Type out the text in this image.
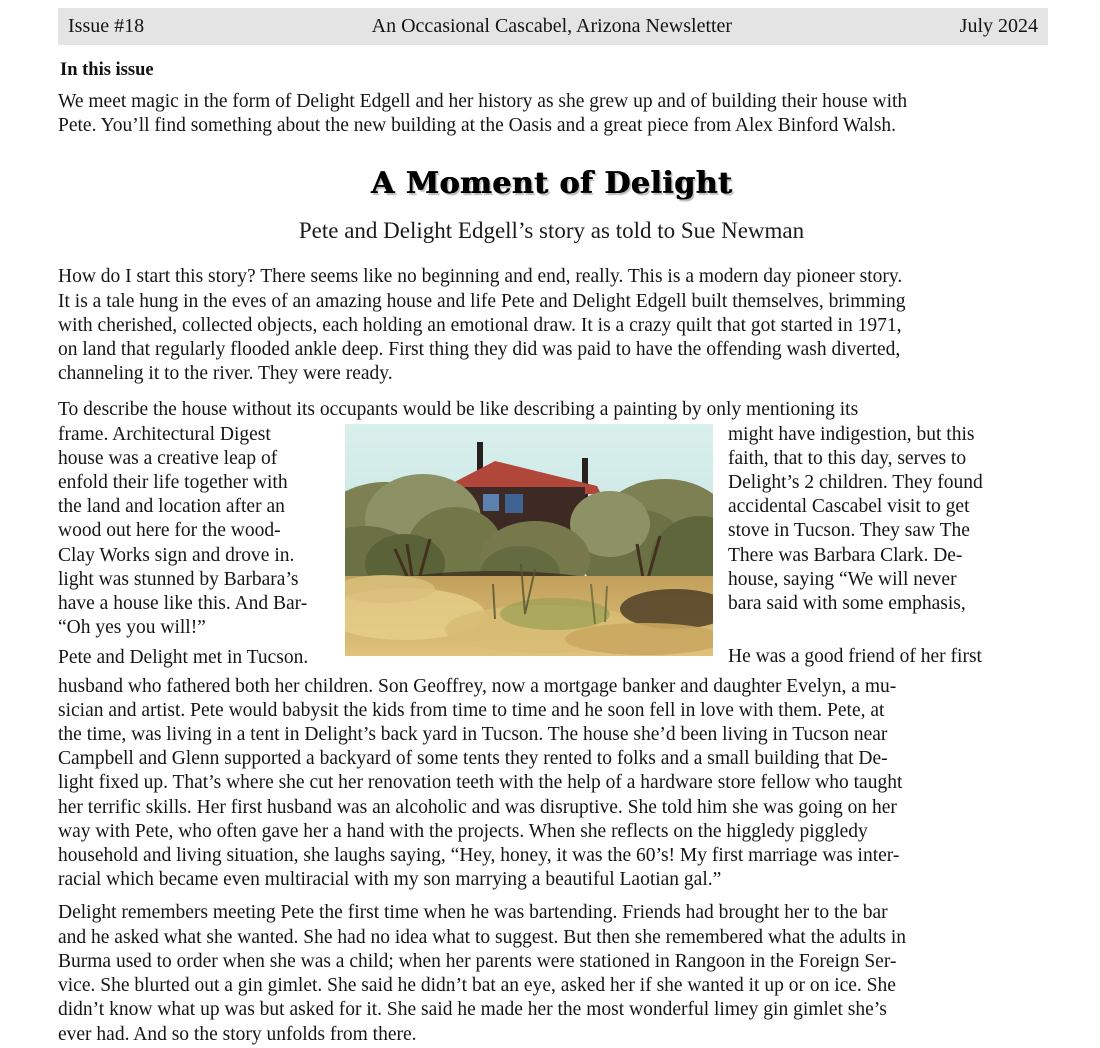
Issue #18	An Occasional Cascabel, Arizona Newsletter	July 2024
In this issue
We meet magic in the form of Delight Edgell and her history as she grew up and of building their house with
Pete. You’ll find something about the new building at the Oasis and a great piece from Alex Binford Walsh.
A Moment of Delight
Pete and Delight Edgell’s story as told to Sue Newman
How do I start this story? There seems like no beginning and end, really. This is a modern day pioneer story.
It is a tale hung in the eves of an amazing house and life Pete and Delight Edgell built themselves, brimming
with cherished, collected objects, each holding an emotional draw. It is a crazy quilt that got started in 1971,
on land that regularly flooded ankle deep. First thing they did was paid to have the offending wash diverted,
channeling it to the river. They were ready.
To describe the house without its occupants would be like describing a painting by only mentioning its
frame. Architectural Digest
house was a creative leap of
enfold their life together with
the land and location after an
wood out here for the wood-
Clay Works sign and drove in.
light was stunned by Barbara’s
have a house like this. And Bar-
“Oh yes you will!”
Pete and Delight met in Tucson.
might have indigestion, but this
faith, that to this day, serves to
Delight’s 2 children. They found
accidental Cascabel visit to get
stove in Tucson. They saw The
There was Barbara Clark. De-
house, saying “We will never
bara said with some emphasis,
He was a good friend of her first
husband who fathered both her children. Son Geoffrey, now a mortgage banker and daughter Evelyn, a mu-
sician and artist. Pete would babysit the kids from time to time and he soon fell in love with them. Pete, at
the time, was living in a tent in Delight’s back yard in Tucson. The house she’d been living in Tucson near
Campbell and Glenn supported a backyard of some tents they rented to folks and a small building that De-
light fixed up. That’s where she cut her renovation teeth with the help of a hardware store fellow who taught
her terrific skills. Her first husband was an alcoholic and was disruptive. She told him she was going on her
way with Pete, who often gave her a hand with the projects. When she reflects on the higgledy piggledy
household and living situation, she laughs saying, “Hey, honey, it was the 60’s! My first marriage was inter-
racial which became even multiracial with my son marrying a beautiful Laotian gal.”
Delight remembers meeting Pete the first time when he was bartending. Friends had brought her to the bar
and he asked what she wanted. She had no idea what to suggest. But then she remembered what the adults in
Burma used to order when she was a child; when her parents were stationed in Rangoon in the Foreign Ser-
vice. She blurted out a gin gimlet. She said he didn’t bat an eye, asked her if she wanted it up or on ice. She
didn’t know what up was but asked for it. She said he made her the most wonderful limey gin gimlet she’s
ever had. And so the story unfolds from there.
